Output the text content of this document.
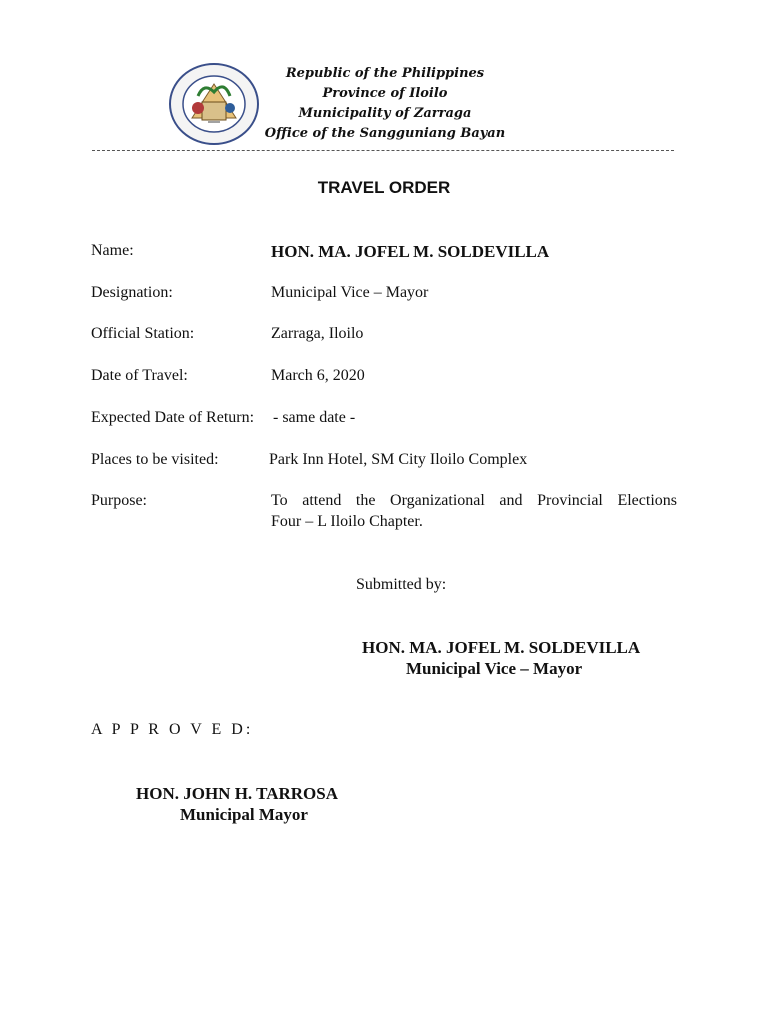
Republic of the Philippines
Province of Iloilo
Municipality of Zarraga
Office of the Sangguniang Bayan
TRAVEL ORDER
Name:	HON. MA. JOFEL M. SOLDEVILLA
Designation:	Municipal Vice – Mayor
Official Station:	Zarraga, Iloilo
Date of Travel:	March 6, 2020
Expected Date of Return: - same date -
Places to be visited:	Park Inn Hotel, SM City Iloilo Complex
Purpose:	To attend the Organizational and Provincial Elections
Four – L Iloilo Chapter.
Submitted by:
HON. MA. JOFEL M. SOLDEVILLA
Municipal Vice – Mayor
A P P R O V E D:
HON. JOHN H. TARROSA
Municipal Mayor
